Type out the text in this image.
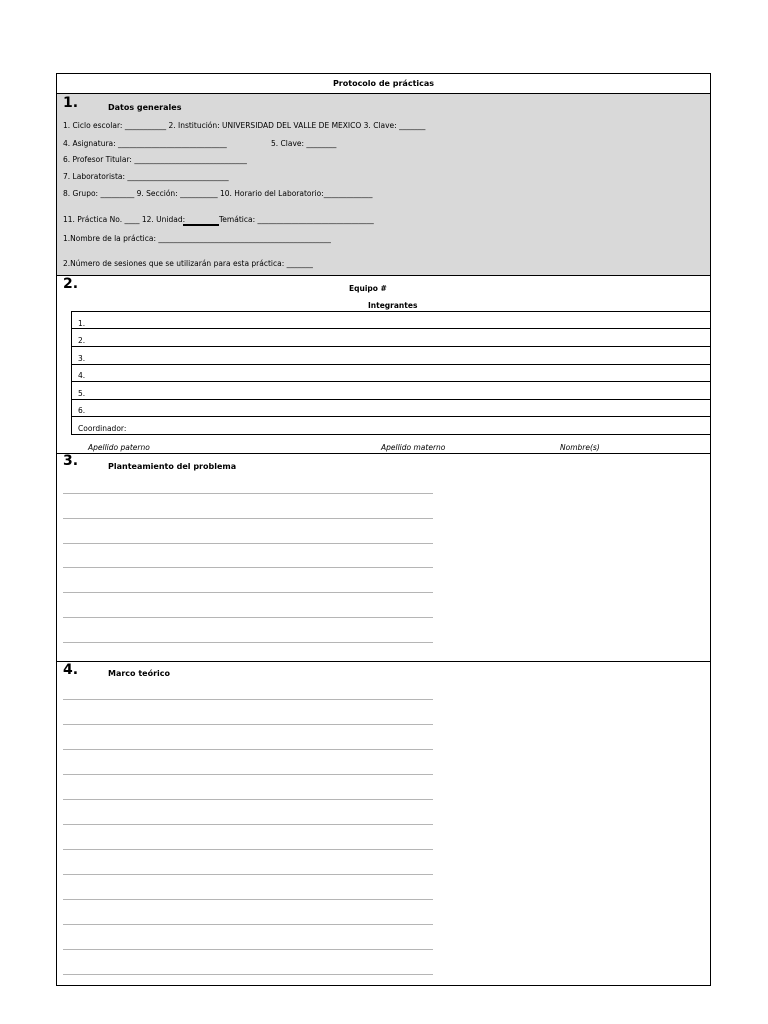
Protocolo de prácticas
1.	Datos generales
1. Ciclo escolar: ___________ 2. Institución: UNIVERSIDAD DEL VALLE DE MEXICO 3. Clave: _______
4. Asignatura: _____________________________	5. Clave: ________
6. Profesor Titular: ______________________________
7. Laboratorista: ___________________________
8. Grupo: _________ 9. Sección: __________ 10. Horario del Laboratorio:_____________
11. Práctica No. ____ 12. Unidad:	Temática: _______________________________
1.Nombre de la práctica: ______________________________________________
2.Número de sesiones que se utilizarán para esta práctica: _______
2.	Equipo #
Integrantes
1.
2.
3.
4.
5.
6.
Coordinador:
Apellido paterno	Apellido materno	Nombre(s)
3.	Planteamiento del problema
4.	Marco teórico
